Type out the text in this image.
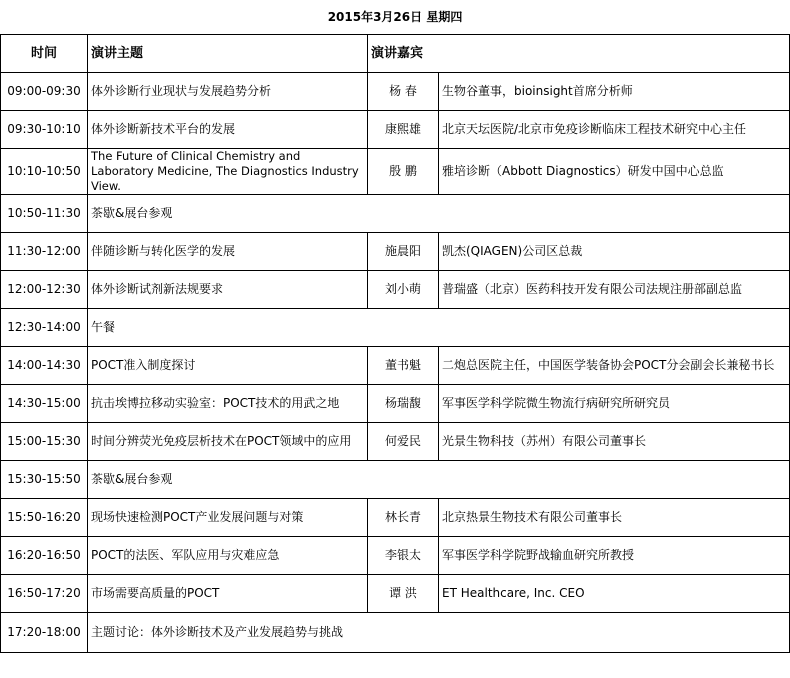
2015年3月26日 星期四			
时间	演讲主题	演讲嘉宾	
09:00-09:30	体外诊断行业现状与发展趋势分析	杨 春	生物谷董事，bioinsight首席分析师
09:30-10:10	体外诊断新技术平台的发展	康熙雄	北京天坛医院/北京市免疫诊断临床工程技术研究中心主任
10:10-10:50	The Future of Clinical Chemistry and Laboratory Medicine, The Diagnostics Industry View.	殷 鹏	雅培诊断（Abbott Diagnostics）研发中国中心总监
10:50-11:30	茶歇&展台参观		
11:30-12:00	伴随诊断与转化医学的发展	施晨阳	凯杰(QIAGEN)公司区总裁
12:00-12:30	体外诊断试剂新法规要求	刘小萌	普瑞盛（北京）医药科技开发有限公司法规注册部副总监
12:30-14:00	午餐		
14:00-14:30	POCT准入制度探讨	董书魁	二炮总医院主任，中国医学装备协会POCT分会副会长兼秘书长
14:30-15:00	抗击埃博拉移动实验室：POCT技术的用武之地	杨瑞馥	军事医学科学院微生物流行病研究所研究员
15:00-15:30	时间分辨荧光免疫层析技术在POCT领域中的应用	何爱民	光景生物科技（苏州）有限公司董事长
15:30-15:50	茶歇&展台参观		
15:50-16:20	现场快速检测POCT产业发展问题与对策	林长青	北京热景生物技术有限公司董事长
16:20-16:50	POCT的法医、军队应用与灾难应急	李银太	军事医学科学院野战输血研究所教授
16:50-17:20	市场需要高质量的POCT	谭 洪	ET Healthcare, Inc. CEO
17:20-18:00	主题讨论：体外诊断技术及产业发展趋势与挑战		
